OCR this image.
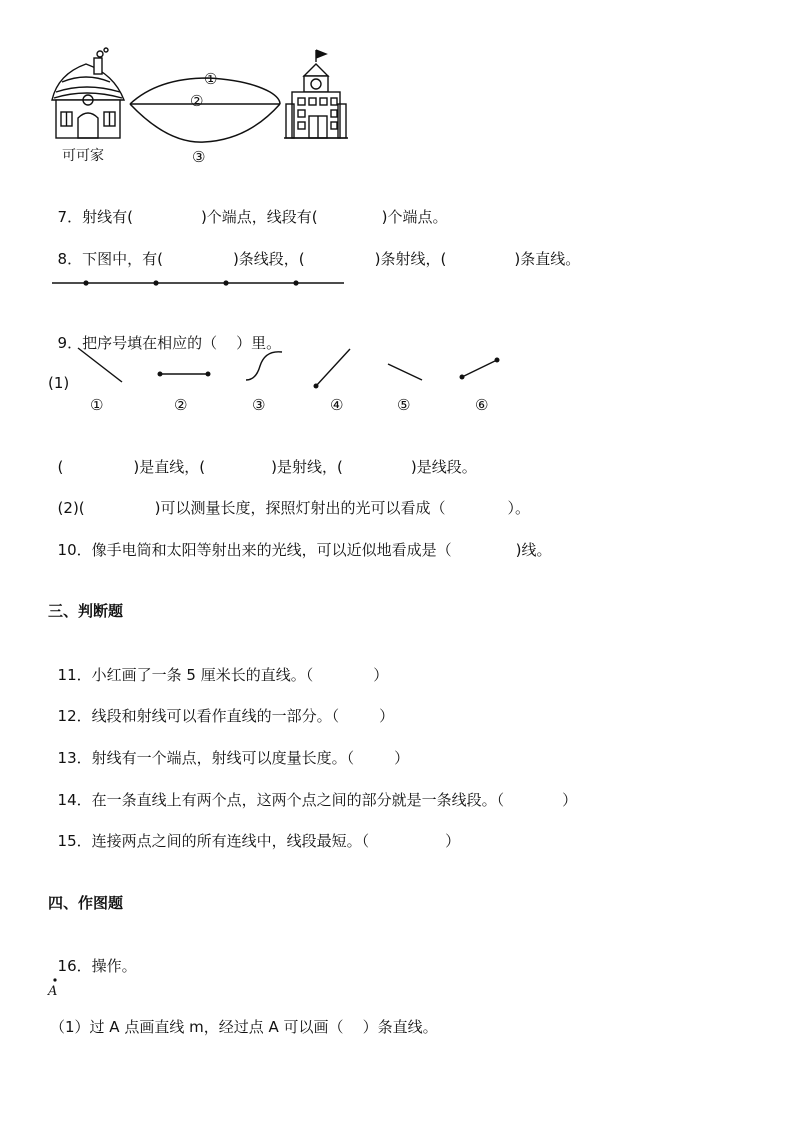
可可家
①
②
③

7．射线有(	)个端点，线段有(	)个端点。

8．下图中，有(	)条线段，(	)条射线，(	)条直线。

9．把序号填在相应的（    ）里。

(1)
①	②	③	④	⑤	⑥

(	)是直线，(	)是射线，(	)是线段。

(2)(	)可以测量长度，探照灯射出的光可以看成（	）。

10．像手电筒和太阳等射出来的光线，可以近似地看成是（	)线。

三、判断题

11．小红画了一条 5 厘米长的直线。（	）

12．线段和射线可以看作直线的一部分。（	）

13．射线有一个端点，射线可以度量长度。（	）

14．在一条直线上有两个点，这两个点之间的部分就是一条线段。（	）

15．连接两点之间的所有连线中，线段最短。（	）

四、作图题

16．操作。

A
（1）过 A 点画直线 m，经过点 A 可以画（    ）条直线。
